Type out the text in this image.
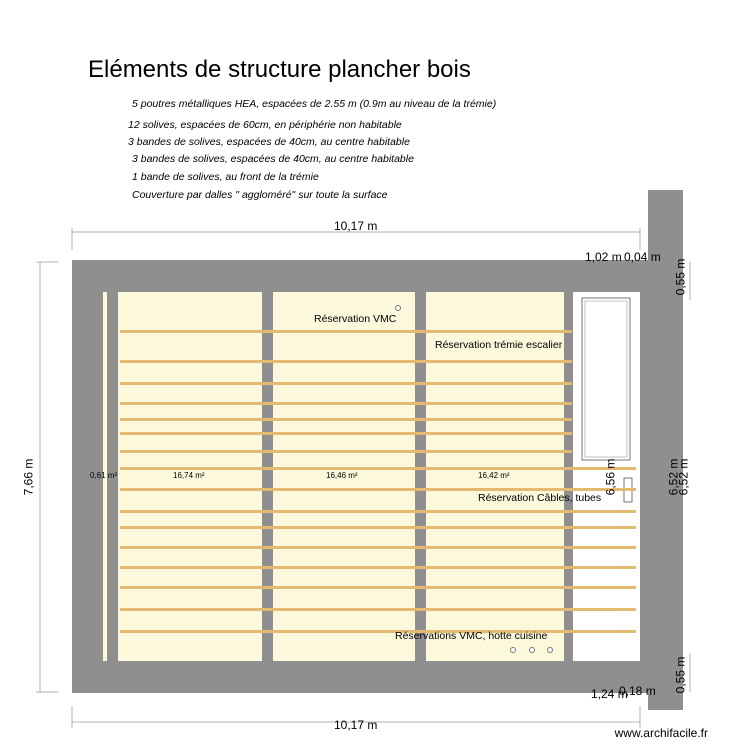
Eléments de structure plancher bois
5 poutres métalliques HEA, espacées de 2.55 m (0.9m au niveau de la trémie)
12 solives, espacées de 60cm, en périphérie non habitable
3 bandes de solives, espacées de 40cm, au centre habitable
3 bandes de solives, espacées de 40cm, au centre habitable
1 bande de solives, au front de la trémie
Couverture par dalles " aggloméré" sur toute la surface
10,17 m
10,17 m
7,66 m
1,02 m 0,04 m
0,55 m
6,52 m
6,52 m
6,56 m
1,24 m
0,18 m 0,55 m
0,61 m²	16,74 m²	16,46 m²	16,42 m²
Réservation VMC
Réservation trémie escalier
Réservation Câbles, tubes
Réservations VMC, hotte cuisine
www.archifacile.fr
